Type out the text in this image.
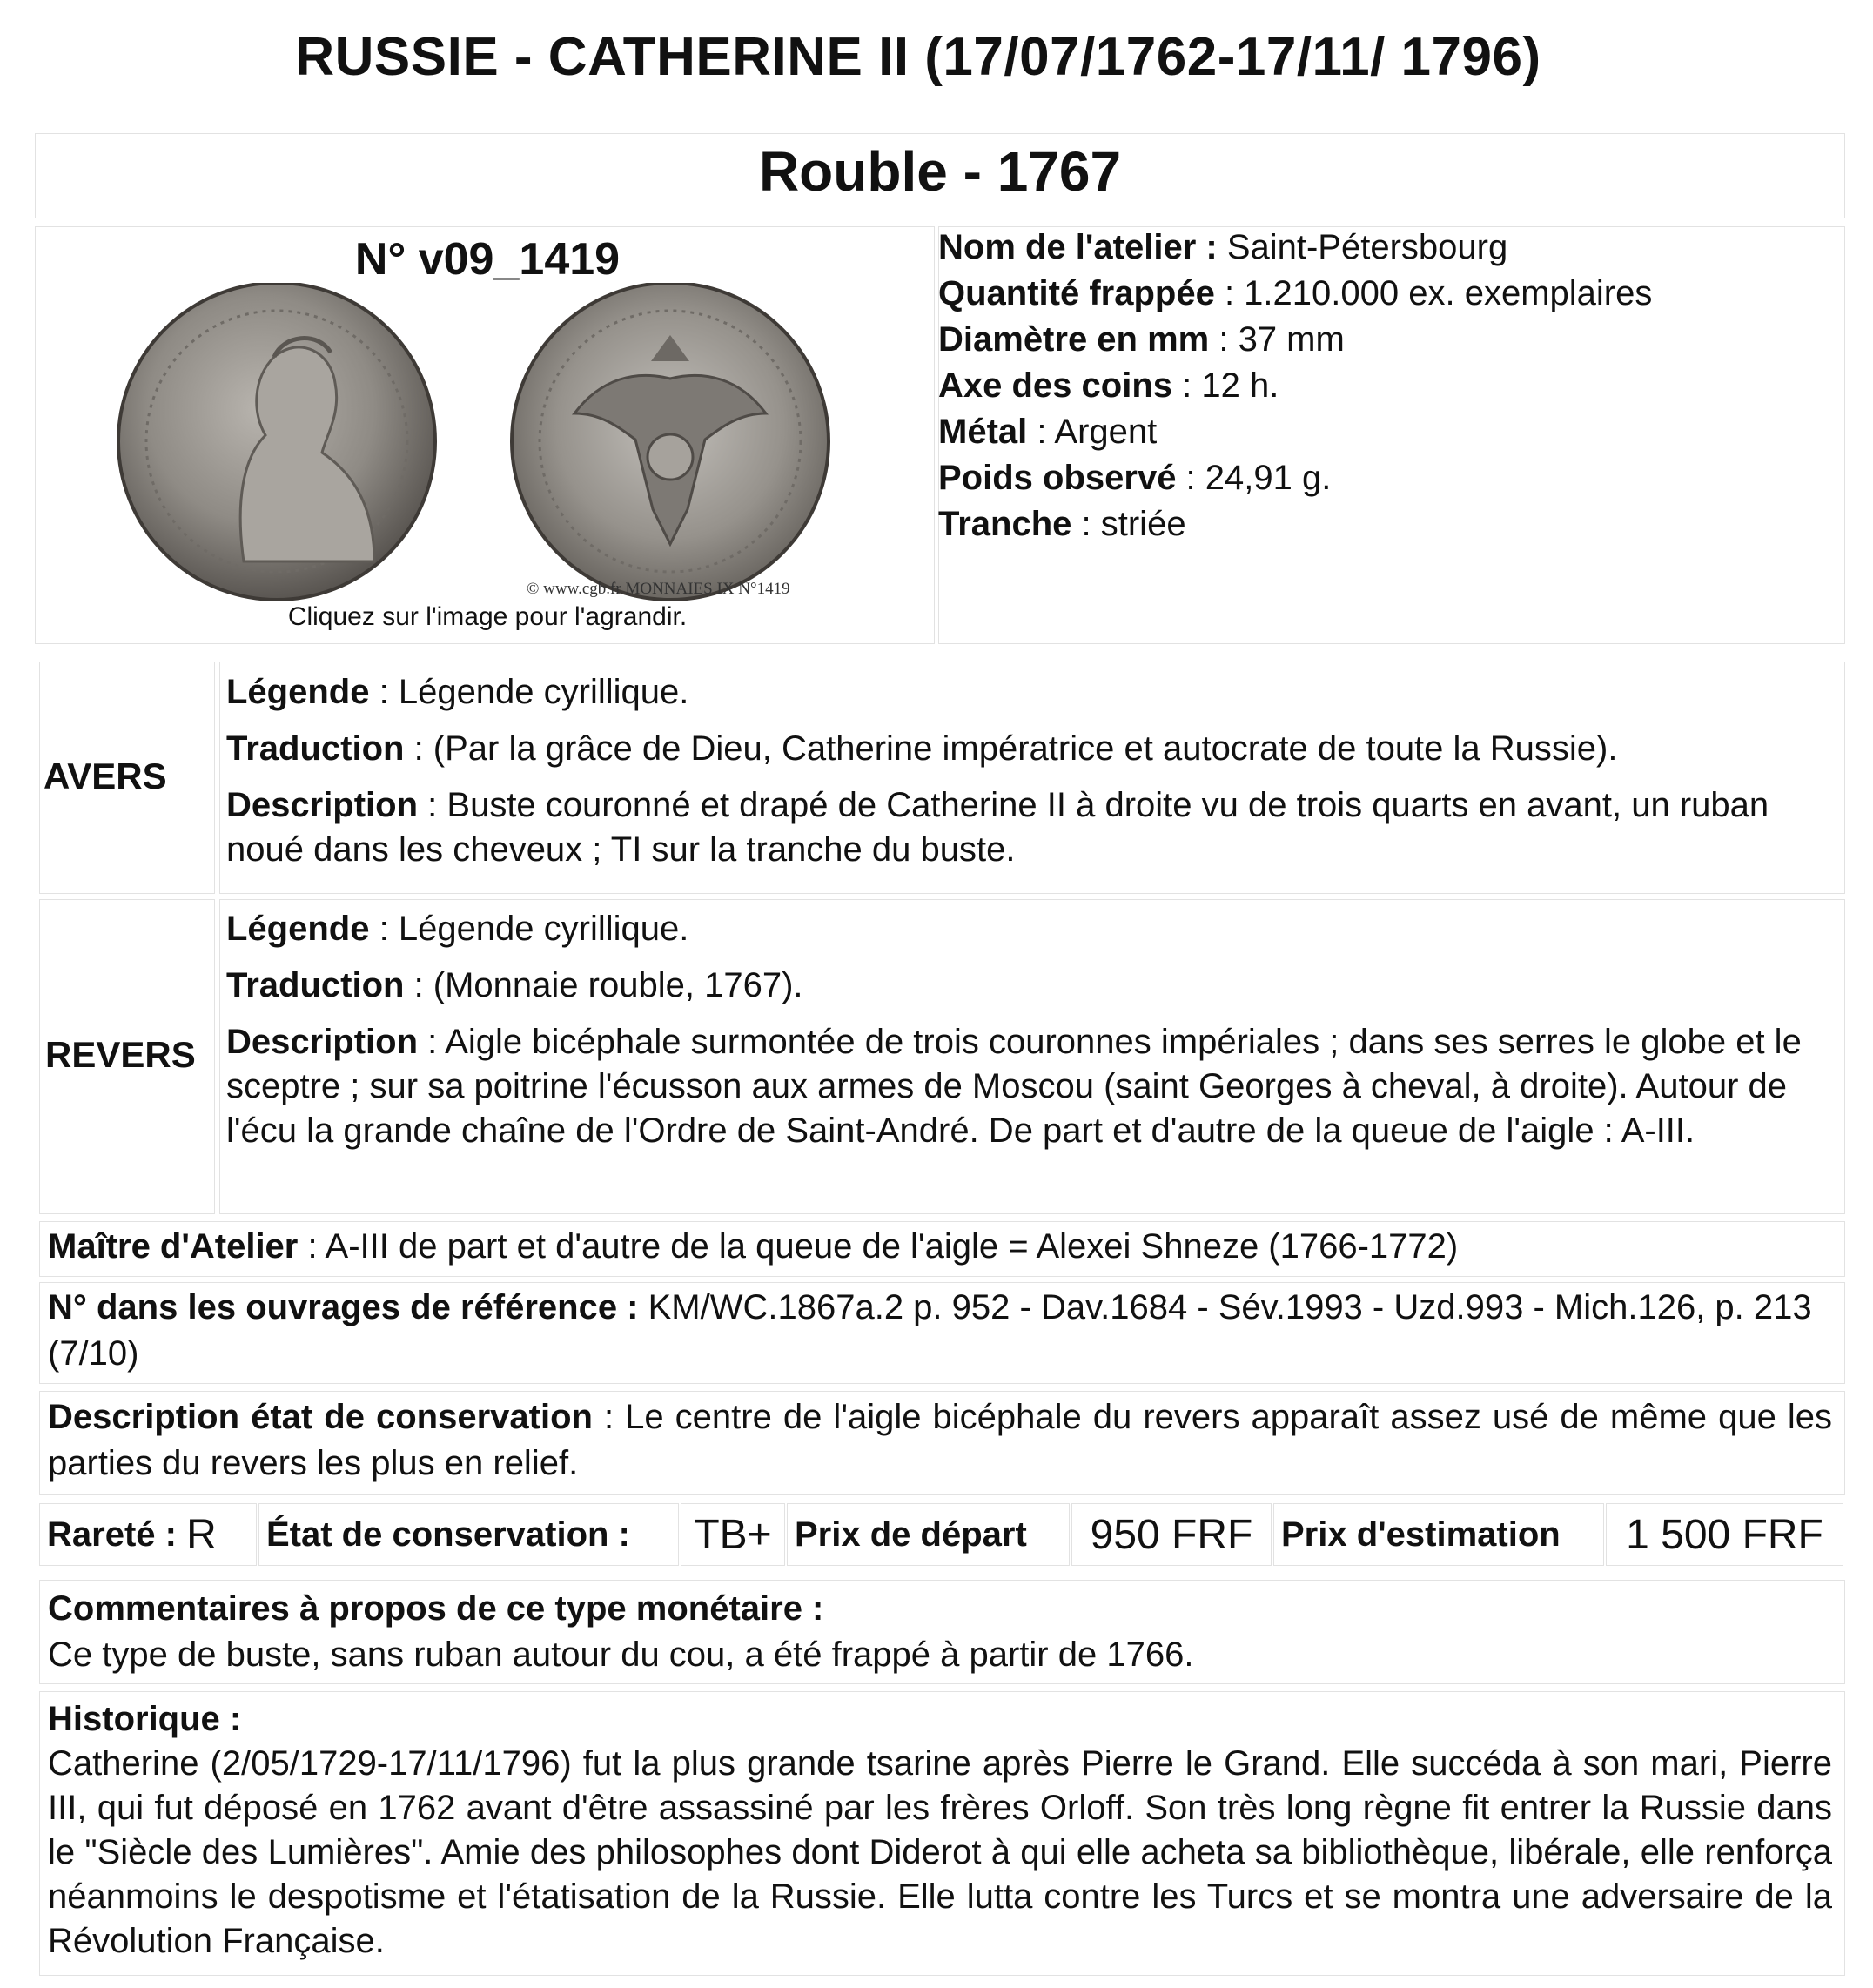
RUSSIE - CATHERINE II (17/07/1762-17/11/ 1796)
Rouble - 1767
N° v09_1419
© www.cgb.fr MONNAIES IX N°1419
Cliquez sur l'image pour l'agrandir.
Nom de l'atelier : Saint-Pétersbourg
Quantité frappée : 1.210.000 ex. exemplaires
Diamètre en mm : 37 mm
Axe des coins : 12 h.
Métal : Argent
Poids observé : 24,91 g.
Tranche : striée
AVERS

Légende : Légende cyrillique.

Traduction : (Par la grâce de Dieu, Catherine impératrice et autocrate de toute la Russie).

Description : Buste couronné et drapé de Catherine II à droite vu de trois quarts en avant, un ruban noué dans les cheveux ; TI sur la tranche du buste.

REVERS

Légende : Légende cyrillique.

Traduction : (Monnaie rouble, 1767).

Description : Aigle bicéphale surmontée de trois couronnes impériales ; dans ses serres le globe et le sceptre ; sur sa poitrine l'écusson aux armes de Moscou (saint Georges à cheval, à droite). Autour de l'écu la grande chaîne de l'Ordre de Saint-André. De part et d'autre de la queue de l'aigle : A-III.

Maître d'Atelier : A-III de part et d'autre de la queue de l'aigle = Alexei Shneze (1766-1772)
N° dans les ouvrages de référence : KM/WC.1867a.2 p. 952 - Dav.1684 - Sév.1993 - Uzd.993 - Mich.126, p. 213 (7/10)
Description état de conservation : Le centre de l'aigle bicéphale du revers apparaît assez usé de même que les parties du revers les plus en relief.
Rareté :
R État de conservation : TB+ Prix de départ 950 FRF Prix d'estimation 1 500 FRF
Commentaires à propos de ce type monétaire :
Ce type de buste, sans ruban autour du cou, a été frappé à partir de 1766.
Historique :
Catherine (2/05/1729-17/11/1796) fut la plus grande tsarine après Pierre le Grand. Elle succéda à son mari, Pierre III, qui fut déposé en 1762 avant d'être assassiné par les frères Orloff. Son très long règne fit entrer la Russie dans le "Siècle des Lumières". Amie des philosophes dont Diderot à qui elle acheta sa bibliothèque, libérale, elle renforça néanmoins le despotisme et l'étatisation de la Russie. Elle lutta contre les Turcs et se montra une adversaire de la Révolution Française.
